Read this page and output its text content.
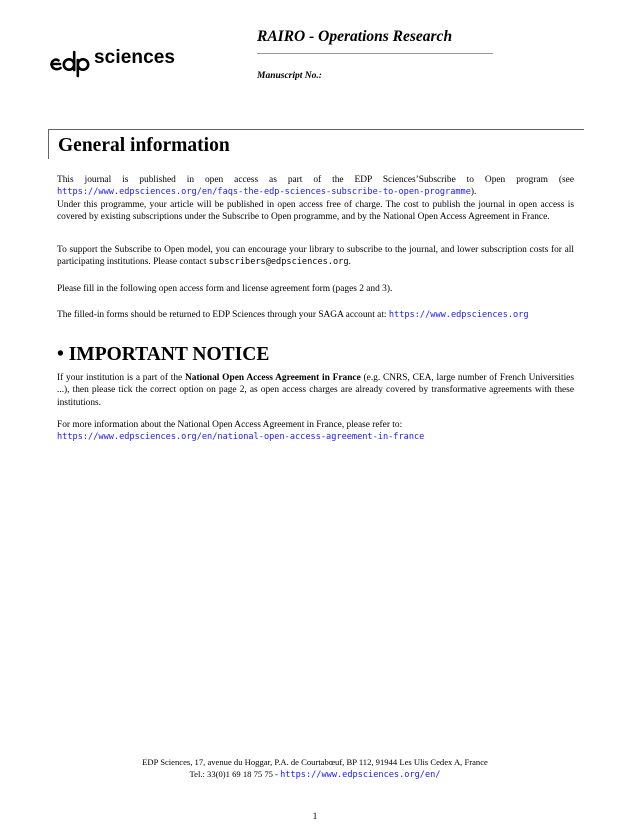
sciences
RAIRO - Operations Research
Manuscript No.:
General information
This journal is published in open access as part of the EDP Sciences’Subscribe to Open program (see https://www.edpsciences.org/en/faqs-the-edp-sciences-subscribe-to-open-programme).
Under this programme, your article will be published in open access free of charge. The cost to publish the journal in open access is covered by existing subscriptions under the Subscribe to Open programme, and by the National Open Access Agreement in France.
To support the Subscribe to Open model, you can encourage your library to subscribe to the journal, and lower subscription costs for all participating institutions. Please contact subscribers@edpsciences.org.
Please fill in the following open access form and license agreement form (pages 2 and 3).
The filled-in forms should be returned to EDP Sciences through your SAGA account at: https://www.edpsciences.org
• IMPORTANT NOTICE
If your institution is a part of the National Open Access Agreement in France (e.g. CNRS, CEA, large number of French Universities ...), then please tick the correct option on page 2, as open access charges are already covered by transformative agreements with these institutions.
For more information about the National Open Access Agreement in France, please refer to:
https://www.edpsciences.org/en/national-open-access-agreement-in-france
EDP Sciences, 17, avenue du Hoggar, P.A. de Courtabœuf, BP 112, 91944 Les Ulis Cedex A, France
Tel.: 33(0)1 69 18 75 75 - https://www.edpsciences.org/en/
1
